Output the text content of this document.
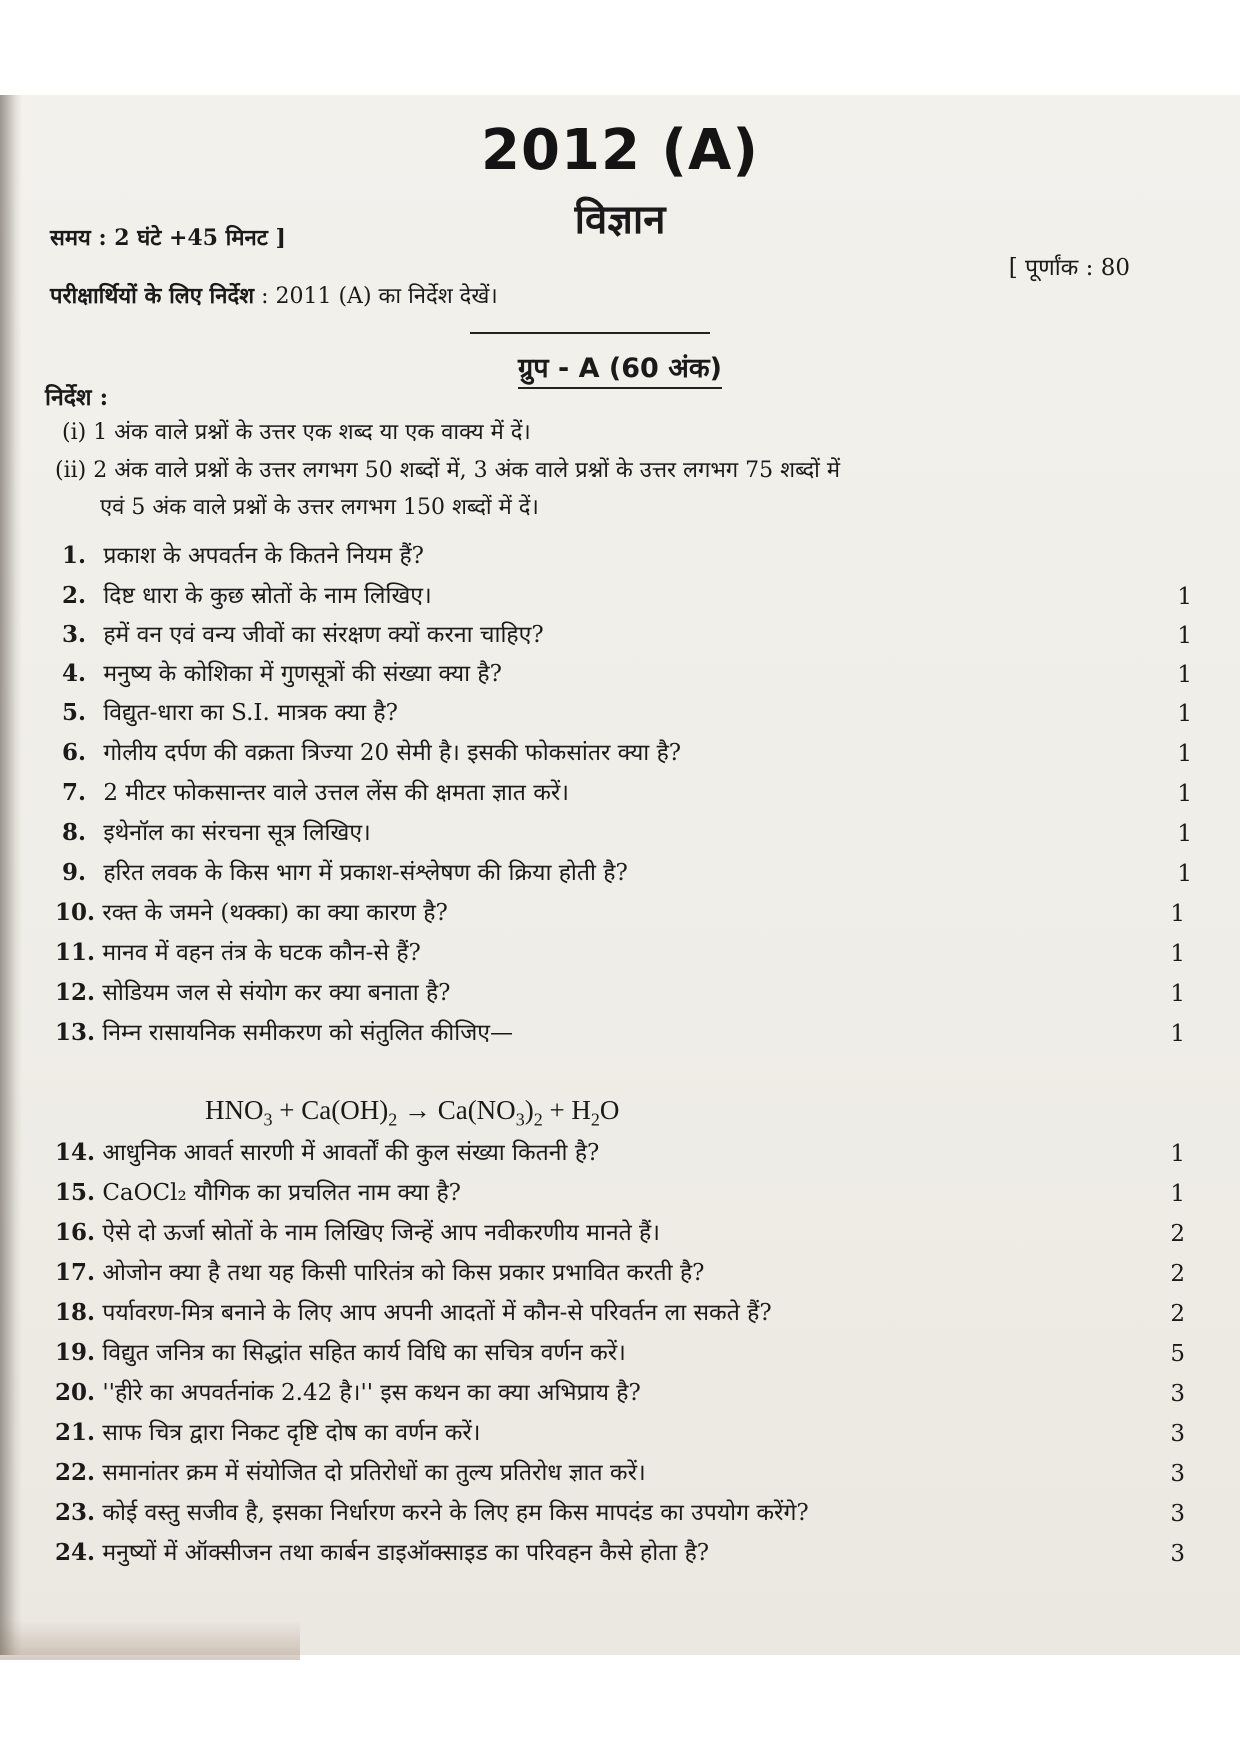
2012 (A)
विज्ञान
समय : 2 घंटे +45 मिनट ]
[ पूर्णांक : 80
परीक्षार्थियों के लिए निर्देश : 2011 (A) का निर्देश देखें।
ग्रुप - A (60 अंक)
निर्देश :
(i) 1 अंक वाले प्रश्नों के उत्तर एक शब्द या एक वाक्य में दें।
(ii) 2 अंक वाले प्रश्नों के उत्तर लगभग 50 शब्दों में, 3 अंक वाले प्रश्नों के उत्तर लगभग 75 शब्दों में
एवं 5 अंक वाले प्रश्नों के उत्तर लगभग 150 शब्दों में दें।
1. प्रकाश के अपवर्तन के कितने नियम हैं?
2. दिष्ट धारा के कुछ स्रोतों के नाम लिखिए।	1
3. हमें वन एवं वन्य जीवों का संरक्षण क्यों करना चाहिए?	1
4. मनुष्य के कोशिका में गुणसूत्रों की संख्या क्या है?	1
5. विद्युत-धारा का S.I. मात्रक क्या है?	1
6. गोलीय दर्पण की वक्रता त्रिज्या 20 सेमी है। इसकी फोकसांतर क्या है?	1
7. 2 मीटर फोकसान्तर वाले उत्तल लेंस की क्षमता ज्ञात करें।	1
8. इथेनॉल का संरचना सूत्र लिखिए।	1
9. हरित लवक के किस भाग में प्रकाश-संश्लेषण की क्रिया होती है?	1
10. रक्त के जमने (थक्का) का क्या कारण है?	1
11. मानव में वहन तंत्र के घटक कौन-से हैं?	1
12. सोडियम जल से संयोग कर क्या बनाता है?	1
13. निम्न रासायनिक समीकरण को संतुलित कीजिए—	1
14. आधुनिक आवर्त सारणी में आवर्तों की कुल संख्या कितनी है?	1
15. CaOCl₂ यौगिक का प्रचलित नाम क्या है?	1
16. ऐसे दो ऊर्जा स्रोतों के नाम लिखिए जिन्हें आप नवीकरणीय मानते हैं।	2
17. ओजोन क्या है तथा यह किसी पारितंत्र को किस प्रकार प्रभावित करती है?	2
18. पर्यावरण-मित्र बनाने के लिए आप अपनी आदतों में कौन-से परिवर्तन ला सकते हैं?	2
19. विद्युत जनित्र का सिद्धांत सहित कार्य विधि का सचित्र वर्णन करें।	5
20. ''हीरे का अपवर्तनांक 2.42 है।'' इस कथन का क्या अभिप्राय है?	3
21. साफ चित्र द्वारा निकट दृष्टि दोष का वर्णन करें।	3
22. समानांतर क्रम में संयोजित दो प्रतिरोधों का तुल्य प्रतिरोध ज्ञात करें।	3
23. कोई वस्तु सजीव है, इसका निर्धारण करने के लिए हम किस मापदंड का उपयोग करेंगे?	3
24. मनुष्यों में ऑक्सीजन तथा कार्बन डाइऑक्साइड का परिवहन कैसे होता है?	3
$HNO_3 + Ca(OH)_2 \to Ca(NO_3)_2 + H_2O$
